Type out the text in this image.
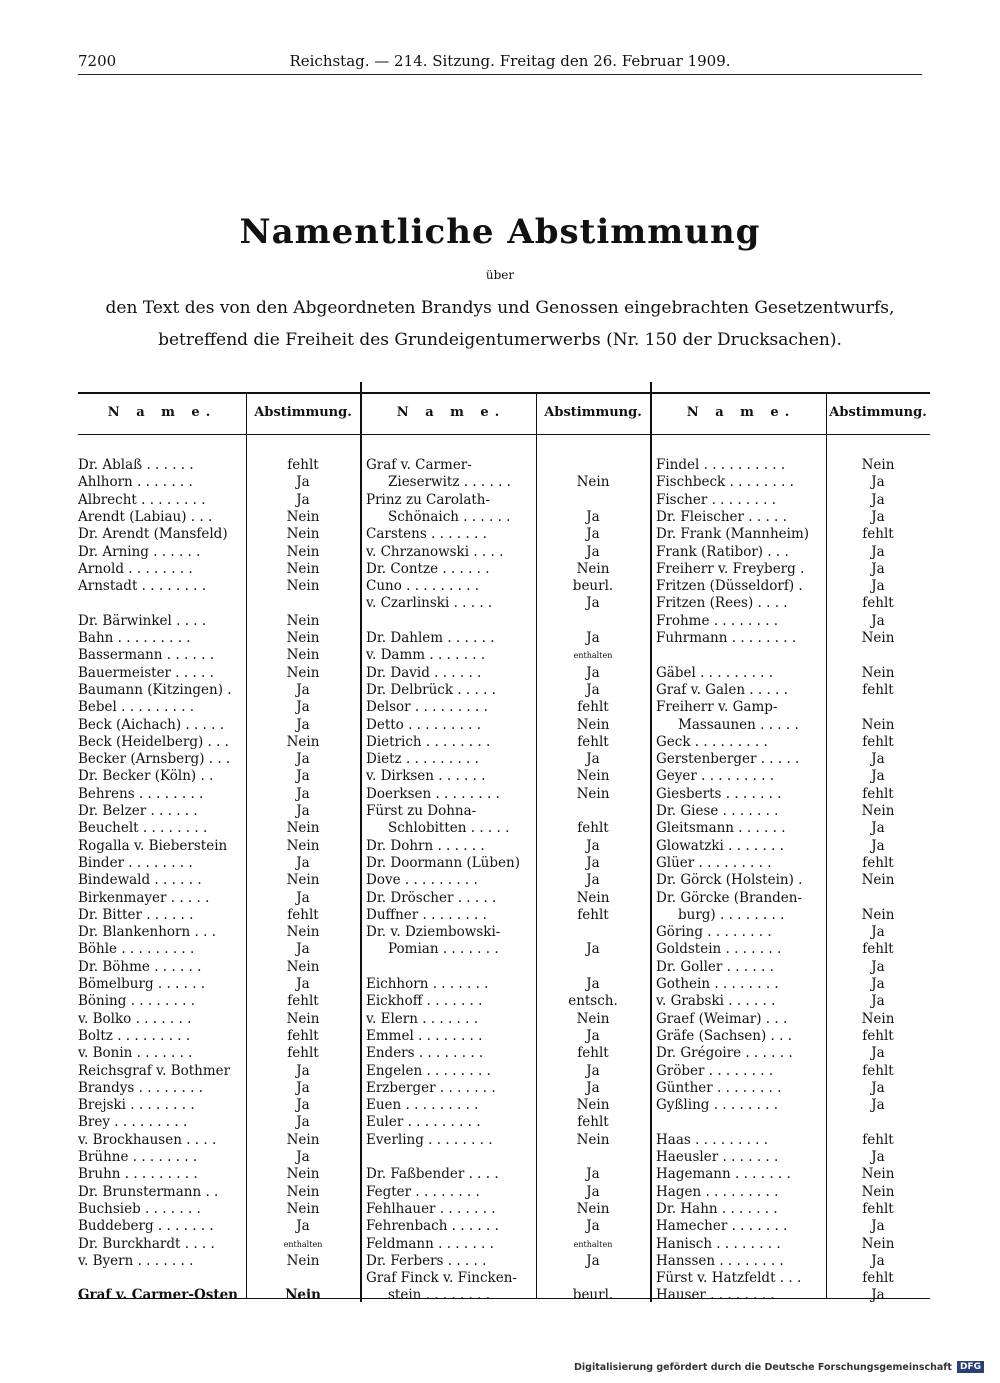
7200	Reichstag. — 214. Sitzung. Freitag den 26. Februar 1909.
Namentliche Abstimmung
über
den Text des von den Abgeordneten Brandys und Genossen eingebrachten Gesetzentwurfs,
betreffend die Freiheit des Grundeigentumerwerbs (Nr. 150 der Drucksachen).
N a m e.	Abstimmung.
Dr. Ablaß . . . . . .	fehlt
Ahlhorn . . . . . . .	Ja
Albrecht . . . . . . . .	Ja
Arendt (Labiau) . . .	Nein
Dr. Arendt (Mansfeld)	Nein
Dr. Arning . . . . . .	Nein
Arnold . . . . . . . .	Nein
Arnstadt . . . . . . . .	Nein
Dr. Bärwinkel . . . .	Nein
Bahn . . . . . . . . .	Nein
Bassermann . . . . . .	Nein
Bauermeister . . . . .	Nein
Baumann (Kitzingen) .	Ja
Bebel . . . . . . . . .	Ja
Beck (Aichach) . . . . .	Ja
Beck (Heidelberg) . . .	Nein
Becker (Arnsberg) . . .	Ja
Dr. Becker (Köln) . .	Ja
Behrens . . . . . . . .	Ja
Dr. Belzer . . . . . .	Ja
Beuchelt . . . . . . . .	Nein
Rogalla v. Bieberstein	Nein
Binder . . . . . . . .	Ja
Bindewald . . . . . .	Nein
Birkenmayer . . . . .	Ja
Dr. Bitter . . . . . .	fehlt
Dr. Blankenhorn . . .	Nein
Böhle . . . . . . . . .	Ja
Dr. Böhme . . . . . .	Nein
Bömelburg . . . . . .	Ja
Böning . . . . . . . .	fehlt
v. Bolko . . . . . . .	Nein
Boltz . . . . . . . . .	fehlt
v. Bonin . . . . . . .	fehlt
Reichsgraf v. Bothmer	Ja
Brandys . . . . . . . .	Ja
Brejski . . . . . . . .	Ja
Brey . . . . . . . . .	Ja
v. Brockhausen . . . .	Nein
Brühne . . . . . . . .	Ja
Bruhn . . . . . . . . .	Nein
Dr. Brunstermann . .	Nein
Buchsieb . . . . . . .	Nein
Buddeberg . . . . . . .	Ja
Dr. Burckhardt . . . .	enthalten
v. Byern . . . . . . .	Nein
Graf v. Carmer-Osten	Nein
N a m e.	Abstimmung.
Graf v. Carmer-
Zieserwitz . . . . . .	Nein
Prinz zu Carolath-
Schönaich . . . . . .	Ja
Carstens . . . . . . .	Ja
v. Chrzanowski . . . .	Ja
Dr. Contze . . . . . .	Nein
Cuno . . . . . . . . .	beurl.
v. Czarlinski . . . . .	Ja
Dr. Dahlem . . . . . .	Ja
v. Damm . . . . . . .	enthalten
Dr. David . . . . . .	Ja
Dr. Delbrück . . . . .	Ja
Delsor . . . . . . . . .	fehlt
Detto . . . . . . . . .	Nein
Dietrich . . . . . . . .	fehlt
Dietz . . . . . . . . .	Ja
v. Dirksen . . . . . .	Nein
Doerksen . . . . . . . .	Nein
Fürst zu Dohna-
Schlobitten . . . . .	fehlt
Dr. Dohrn . . . . . .	Ja
Dr. Doormann (Lüben)	Ja
Dove . . . . . . . . .	Ja
Dr. Dröscher . . . . .	Nein
Duffner . . . . . . . .	fehlt
Dr. v. Dziembowski-
Pomian . . . . . . .	Ja
Eichhorn . . . . . . .	Ja
Eickhoff . . . . . . .	entsch.
v. Elern . . . . . . .	Nein
Emmel . . . . . . . .	Ja
Enders . . . . . . . .	fehlt
Engelen . . . . . . . .	Ja
Erzberger . . . . . . .	Ja
Euen . . . . . . . . .	Nein
Euler . . . . . . . . .	fehlt
Everling . . . . . . . .	Nein
Dr. Faßbender . . . .	Ja
Fegter . . . . . . . .	Ja
Fehlhauer . . . . . . .	Nein
Fehrenbach . . . . . .	Ja
Feldmann . . . . . . .	enthalten
Dr. Ferbers . . . . .	Ja
Graf Finck v. Fincken-
stein . . . . . . . .	beurl.
N a m e.	Abstimmung.
Findel . . . . . . . . . .	Nein
Fischbeck . . . . . . . .	Ja
Fischer . . . . . . . .	Ja
Dr. Fleischer . . . . .	Ja
Dr. Frank (Mannheim)	fehlt
Frank (Ratibor) . . .	Ja
Freiherr v. Freyberg .	Ja
Fritzen (Düsseldorf) .	Ja
Fritzen (Rees) . . . .	fehlt
Frohme . . . . . . . .	Ja
Fuhrmann . . . . . . . .	Nein
Gäbel . . . . . . . . .	Nein
Graf v. Galen . . . . .	fehlt
Freiherr v. Gamp-
Massaunen . . . . .	Nein
Geck . . . . . . . . .	fehlt
Gerstenberger . . . . .	Ja
Geyer . . . . . . . . .	Ja
Giesberts . . . . . . .	fehlt
Dr. Giese . . . . . . .	Nein
Gleitsmann . . . . . .	Ja
Glowatzki . . . . . . .	Ja
Glüer . . . . . . . . .	fehlt
Dr. Görck (Holstein) .	Nein
Dr. Görcke (Branden-
burg) . . . . . . . .	Nein
Göring . . . . . . . .	Ja
Goldstein . . . . . . .	fehlt
Dr. Goller . . . . . .	Ja
Gothein . . . . . . . .	Ja
v. Grabski . . . . . .	Ja
Graef (Weimar) . . .	Nein
Gräfe (Sachsen) . . .	fehlt
Dr. Grégoire . . . . . .	Ja
Gröber . . . . . . . .	fehlt
Günther . . . . . . . .	Ja
Gyßling . . . . . . . .	Ja
Haas . . . . . . . . .	fehlt
Haeusler . . . . . . .	Ja
Hagemann . . . . . . .	Nein
Hagen . . . . . . . . .	Nein
Dr. Hahn . . . . . . .	fehlt
Hamecher . . . . . . .	Ja
Hanisch . . . . . . . .	Nein
Hanssen . . . . . . . .	Ja
Fürst v. Hatzfeldt . . .	fehlt
Hauser . . . . . . . .	Ja
Digitalisierung gefördert durch die Deutsche Forschungsgemeinschaft DFG
